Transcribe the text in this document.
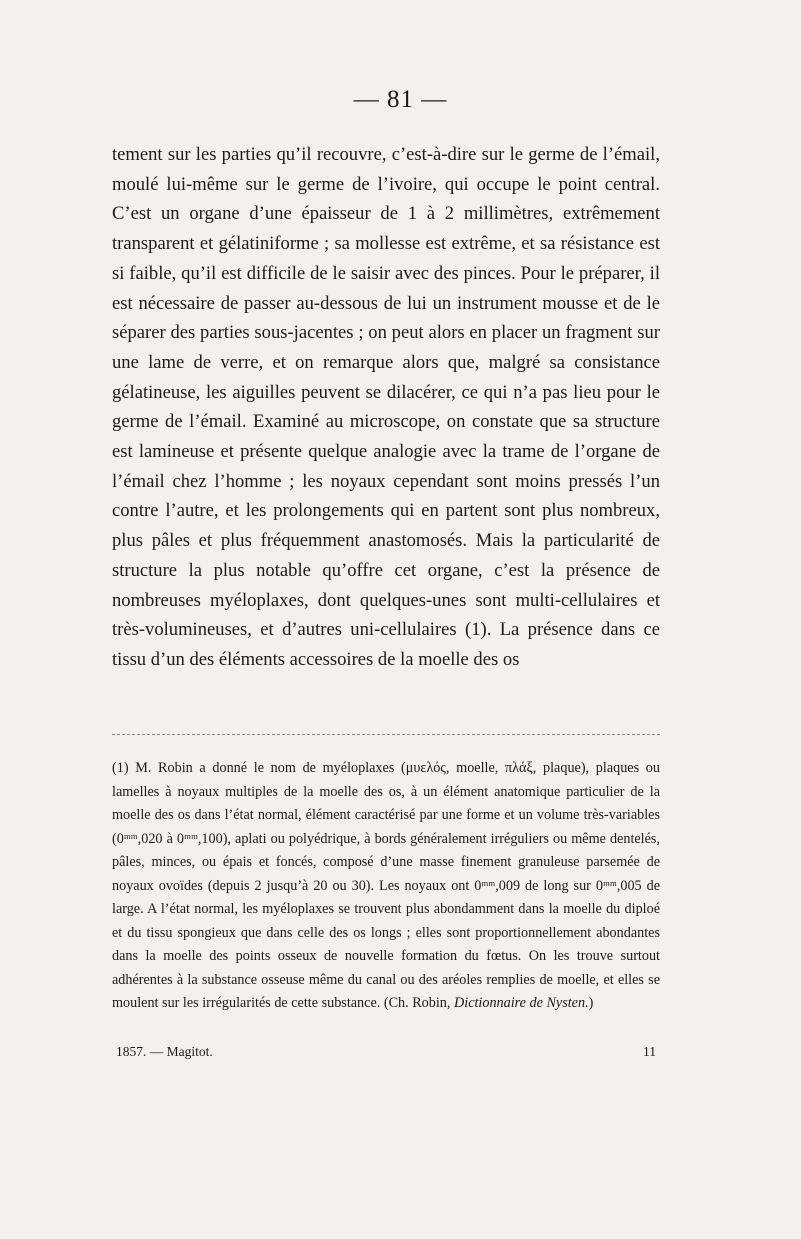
— 81 —

tement sur les parties qu’il recouvre, c’est-à-dire sur le germe de l’émail, moulé lui-même sur le germe de l’ivoire, qui occupe le point central. C’est un organe d’une épaisseur de 1 à 2 millimètres, extrêmement transparent et gélatiniforme ; sa mollesse est extrême, et sa résistance est si faible, qu’il est difficile de le saisir avec des pinces. Pour le préparer, il est nécessaire de passer au-dessous de lui un instrument mousse et de le séparer des parties sous-jacentes ; on peut alors en placer un fragment sur une lame de verre, et on remarque alors que, malgré sa consistance gélatineuse, les aiguilles peuvent se dilacérer, ce qui n’a pas lieu pour le germe de l’émail. Examiné au microscope, on constate que sa structure est lamineuse et présente quelque analogie avec la trame de l’organe de l’émail chez l’homme ; les noyaux cependant sont moins pressés l’un contre l’autre, et les prolongements qui en partent sont plus nombreux, plus pâles et plus fréquemment anastomosés. Mais la particularité de structure la plus notable qu’offre cet organe, c’est la présence de nombreuses myéloplaxes, dont quelques-unes sont multi-cellulaires et très-volumineuses, et d’autres uni-cellulaires (1). La présence dans ce tissu d’un des éléments accessoires de la moelle des os

(1) M. Robin a donné le nom de myéloplaxes (μυελός, moelle, πλάξ, plaque), plaques ou lamelles à noyaux multiples de la moelle des os, à un élément anatomique particulier de la moelle des os dans l’état normal, élément caractérisé par une forme et un volume très-variables (0ᵐᵐ,020 à 0ᵐᵐ,100), aplati ou polyédrique, à bords généralement irréguliers ou même dentelés, pâles, minces, ou épais et foncés, composé d’une masse finement granuleuse parsemée de noyaux ovoïdes (depuis 2 jusqu’à 20 ou 30). Les noyaux ont 0ᵐᵐ,009 de long sur 0ᵐᵐ,005 de large. A l’état normal, les myéloplaxes se trouvent plus abondamment dans la moelle du diploé et du tissu spongieux que dans celle des os longs ; elles sont proportionnellement abondantes dans la moelle des points osseux de nouvelle formation du fœtus. On les trouve surtout adhérentes à la substance osseuse même du canal ou des aréoles remplies de moelle, et elles se moulent sur les irrégularités de cette substance. (Ch. Robin, Dictionnaire de Nysten.)

1857. — Magitot.	11
